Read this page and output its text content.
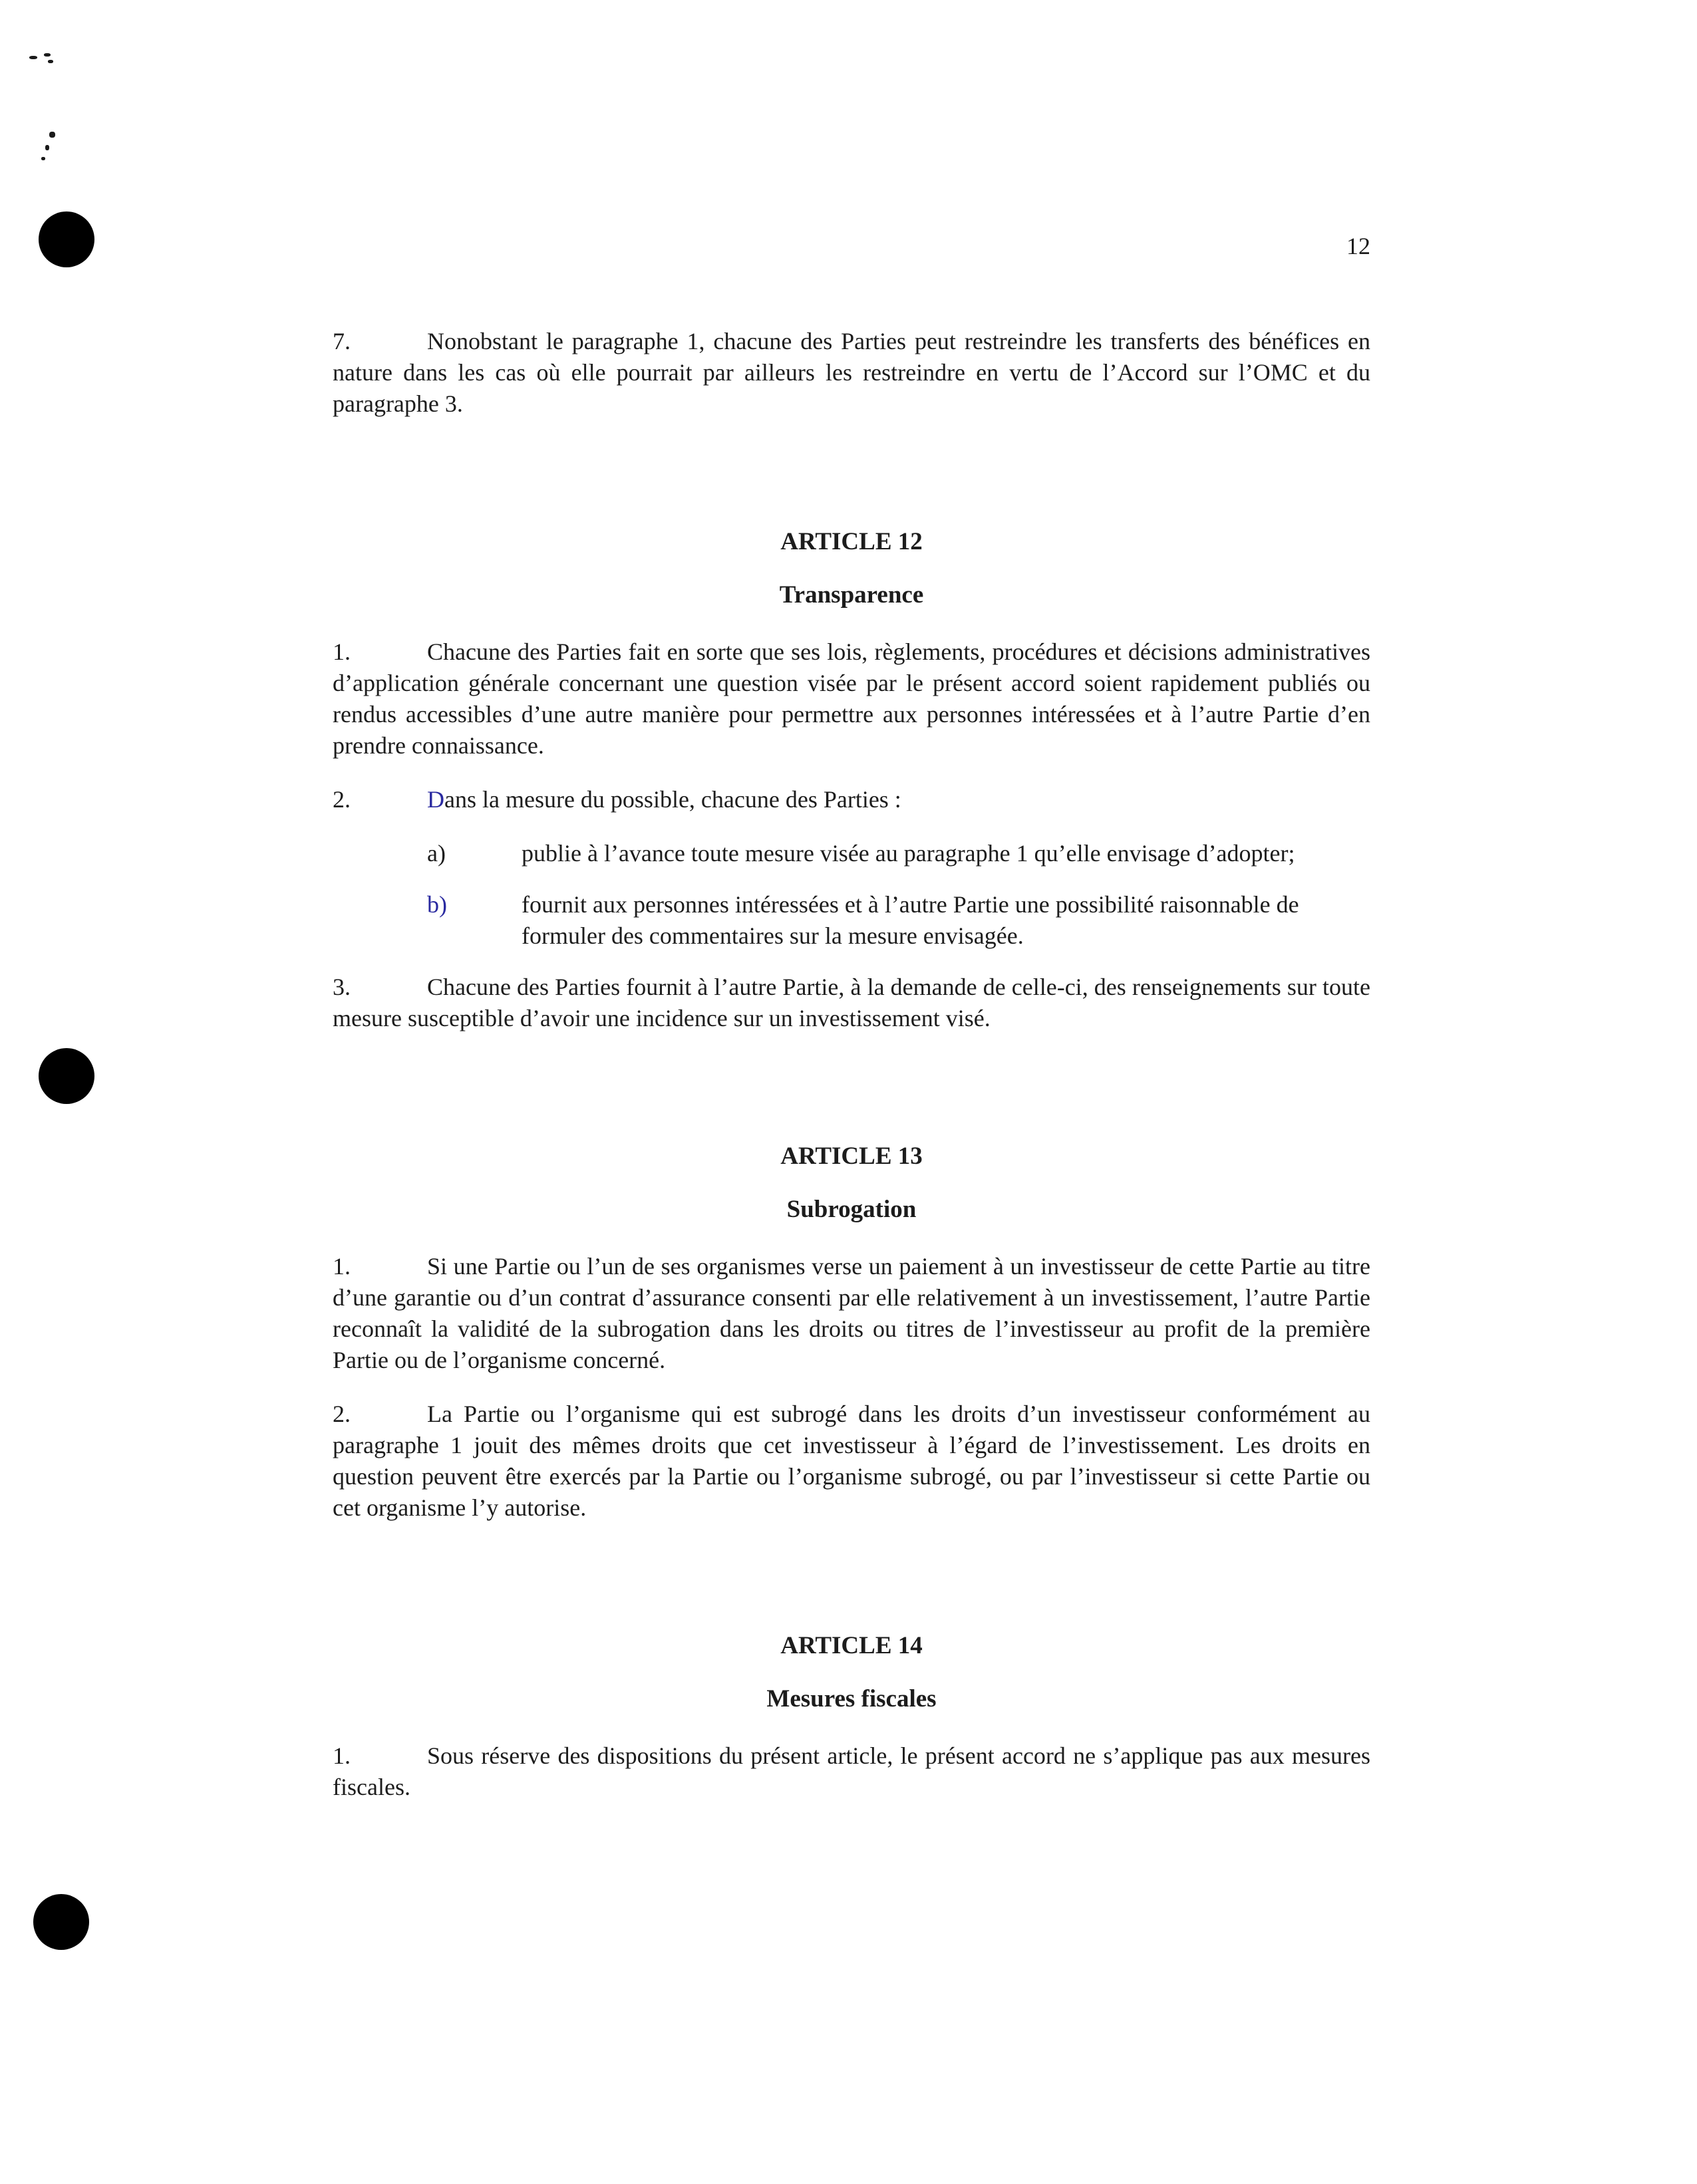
12

7.	Nonobstant le paragraphe 1, chacune des Parties peut restreindre les transferts des bénéfices en nature dans les cas où elle pourrait par ailleurs les restreindre en vertu de l’Accord sur l’OMC et du paragraphe 3.

ARTICLE 12
Transparence

1.	Chacune des Parties fait en sorte que ses lois, règlements, procédures et décisions administratives d’application générale concernant une question visée par le présent accord soient rapidement publiés ou rendus accessibles d’une autre manière pour permettre aux personnes intéressées et à l’autre Partie d’en prendre connaissance.

2.	Dans la mesure du possible, chacune des Parties :

a)	publie à l’avance toute mesure visée au paragraphe 1 qu’elle envisage d’adopter;
b)	fournit aux personnes intéressées et à l’autre Partie une possibilité raisonnable de formuler des commentaires sur la mesure envisagée.

3.	Chacune des Parties fournit à l’autre Partie, à la demande de celle-ci, des renseignements sur toute mesure susceptible d’avoir une incidence sur un investissement visé.

ARTICLE 13
Subrogation

1.	Si une Partie ou l’un de ses organismes verse un paiement à un investisseur de cette Partie au titre d’une garantie ou d’un contrat d’assurance consenti par elle relativement à un investissement, l’autre Partie reconnaît la validité de la subrogation dans les droits ou titres de l’investisseur au profit de la première Partie ou de l’organisme concerné.

2.	La Partie ou l’organisme qui est subrogé dans les droits d’un investisseur conformément au paragraphe 1 jouit des mêmes droits que cet investisseur à l’égard de l’investissement. Les droits en question peuvent être exercés par la Partie ou l’organisme subrogé, ou par l’investisseur si cette Partie ou cet organisme l’y autorise.

ARTICLE 14
Mesures fiscales

1.	Sous réserve des dispositions du présent article, le présent accord ne s’applique pas aux mesures fiscales.
